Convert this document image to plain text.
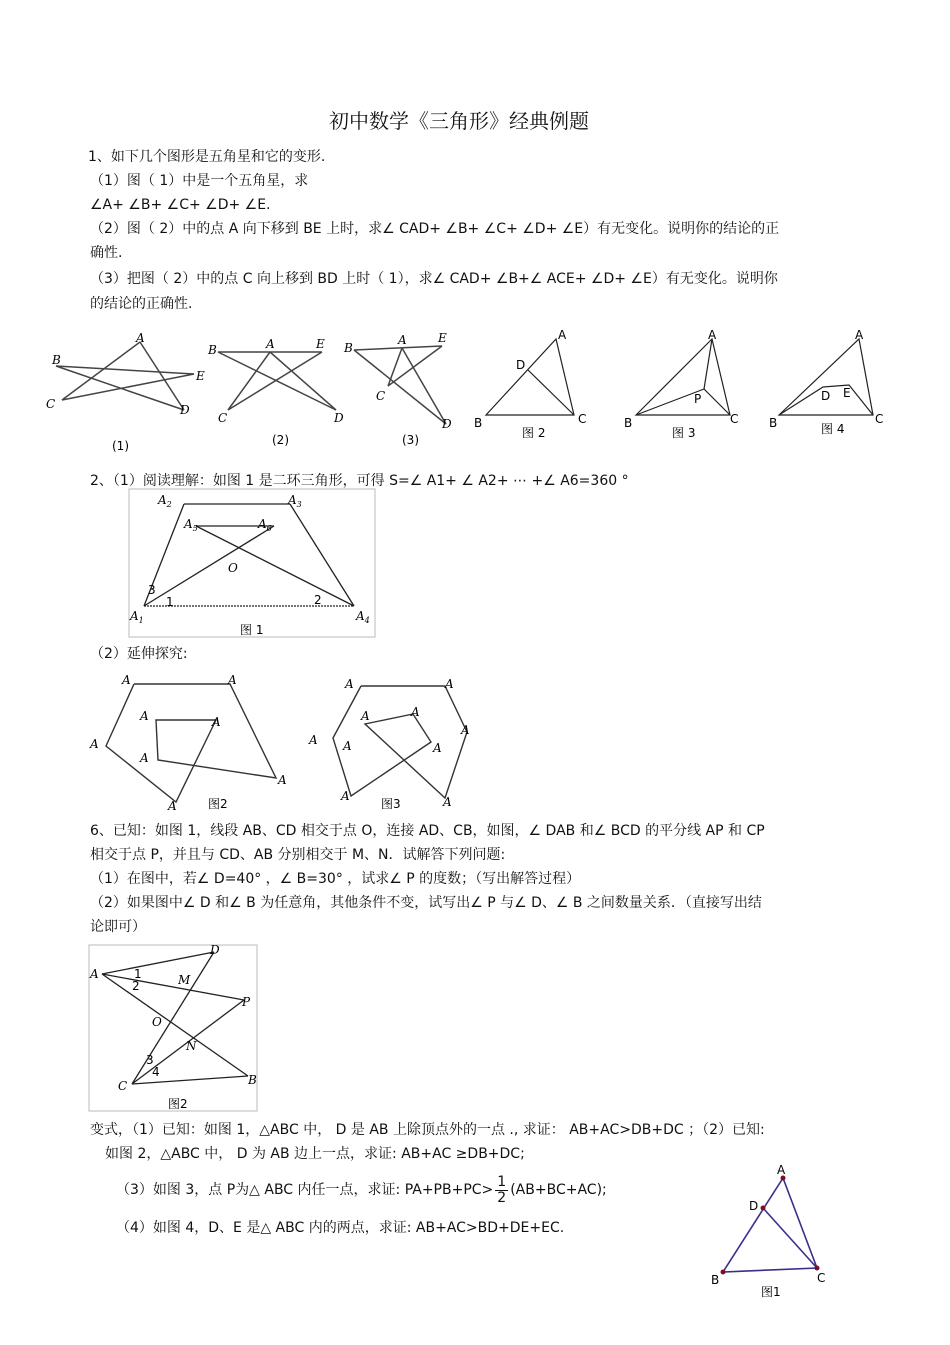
初中数学《三角形》经典例题
1、如下几个图形是五角星和它的变形.
（1）图（ 1）中是一个五角星，求
∠A+ ∠B+ ∠C+ ∠D+ ∠E.
（2）图（ 2）中的点 A 向下移到 BE 上时，求∠ CAD+ ∠B+ ∠C+ ∠D+ ∠E）有无变化。说明你的结论的正
确性.
（3）把图（ 2）中的点 C 向上移到 BD 上时（ 1），求∠ CAD+ ∠B+∠ ACE+ ∠D+ ∠E）有无变化。说明你
的结论的正确性.
B
A
E
C	D
(1)
B	A	E
C	D
(2)
B
A	E
C
D
(3)
A
D
B	C
图 2
A
P
B	C
图 3
A
D E
B	C
图 4
2、（1）阅读理解：如图 1 是二环三角形，可得 S=∠ A1+ ∠ A2+ ⋯ +∠ A6=360 °
$A_2$	$A_3$
$A_5$	$A_6$
O
3
1	2
$A_1$	$A_4$
图 1
（2）延伸探究:
A	A
A	A
A
A
A
A	图2
A	A
A	A
A
A
A	A
A	A
图3
6、已知：如图 1，线段 AB、CD 相交于点 O，连接 AD、CB，如图，∠ DAB 和∠ BCD 的平分线 AP 和 CP
相交于点 P，并且与 CD、AB 分别相交于 M、N．试解答下列问题:
（1）在图中，若∠ D=40° ，∠ B=30° ，试求∠ P 的度数；（写出解答过程）
（2）如果图中∠ D 和∠ B 为任意角，其他条件不变，试写出∠ P 与∠ D、∠ B 之间数量关系．（直接写出结
论即可）
A
D
1
2	M
P
O
N
3
4
C	B
图2
变式，（1）已知：如图 1，△ABC 中， D 是 AB 上除顶点外的一点 ., 求证： AB+AC>DB+DC ；（2）已知:
如图 2，△ABC 中， D 为 AB 边上一点，求证: AB+AC ≥DB+DC;
（3）如图 3，点 P为△ ABC 内任一点，求证: $PA+PB+PC> \frac{1}{2} (AB+BC+AC)$;
（4）如图 4，D、E 是△ ABC 内的两点，求证: AB+AC>BD+DE+EC.
A
D
B	C
图1
